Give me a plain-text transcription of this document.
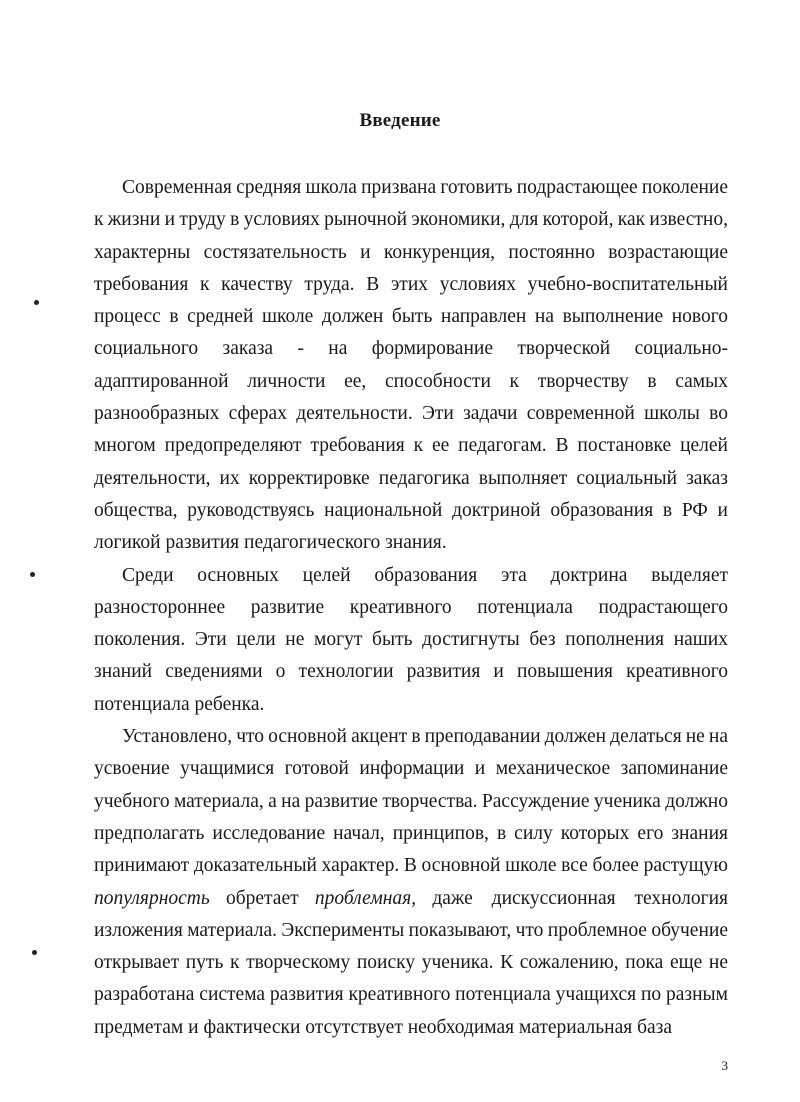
Введение
Современная средняя школа призвана готовить подрастающее поколение
к жизни и труду в условиях рыночной экономики, для которой, как известно,
характерны состязательность и конкуренция, постоянно возрастающие
требования к качеству труда. В этих условиях учебно-воспитательный
процесс в средней школе должен быть направлен на выполнение нового
социального заказа - на формирование творческой социально-
адаптированной личности ее, способности к творчеству в самых
разнообразных сферах деятельности. Эти задачи современной школы во
многом предопределяют требования к ее педагогам. В постановке целей
деятельности, их корректировке педагогика выполняет социальный заказ
общества, руководствуясь национальной доктриной образования в РФ и
логикой развития педагогического знания.
Среди основных целей образования эта доктрина выделяет
разностороннее развитие креативного потенциала подрастающего
поколения. Эти цели не могут быть достигнуты без пополнения наших
знаний сведениями о технологии развития и повышения креативного
потенциала ребенка.
Установлено, что основной акцент в преподавании должен делаться не на
усвоение учащимися готовой информации и механическое запоминание
учебного материала, а на развитие творчества. Рассуждение ученика должно
предполагать исследование начал, принципов, в силу которых его знания
принимают доказательный характер. В основной школе все более растущую
популярность обретает проблемная, даже дискуссионная технология
изложения материала. Эксперименты показывают, что проблемное обучение
открывает путь к творческому поиску ученика. К сожалению, пока еще не
разработана система развития креативного потенциала учащихся по разным
предметам и фактически отсутствует необходимая материальная база
3
